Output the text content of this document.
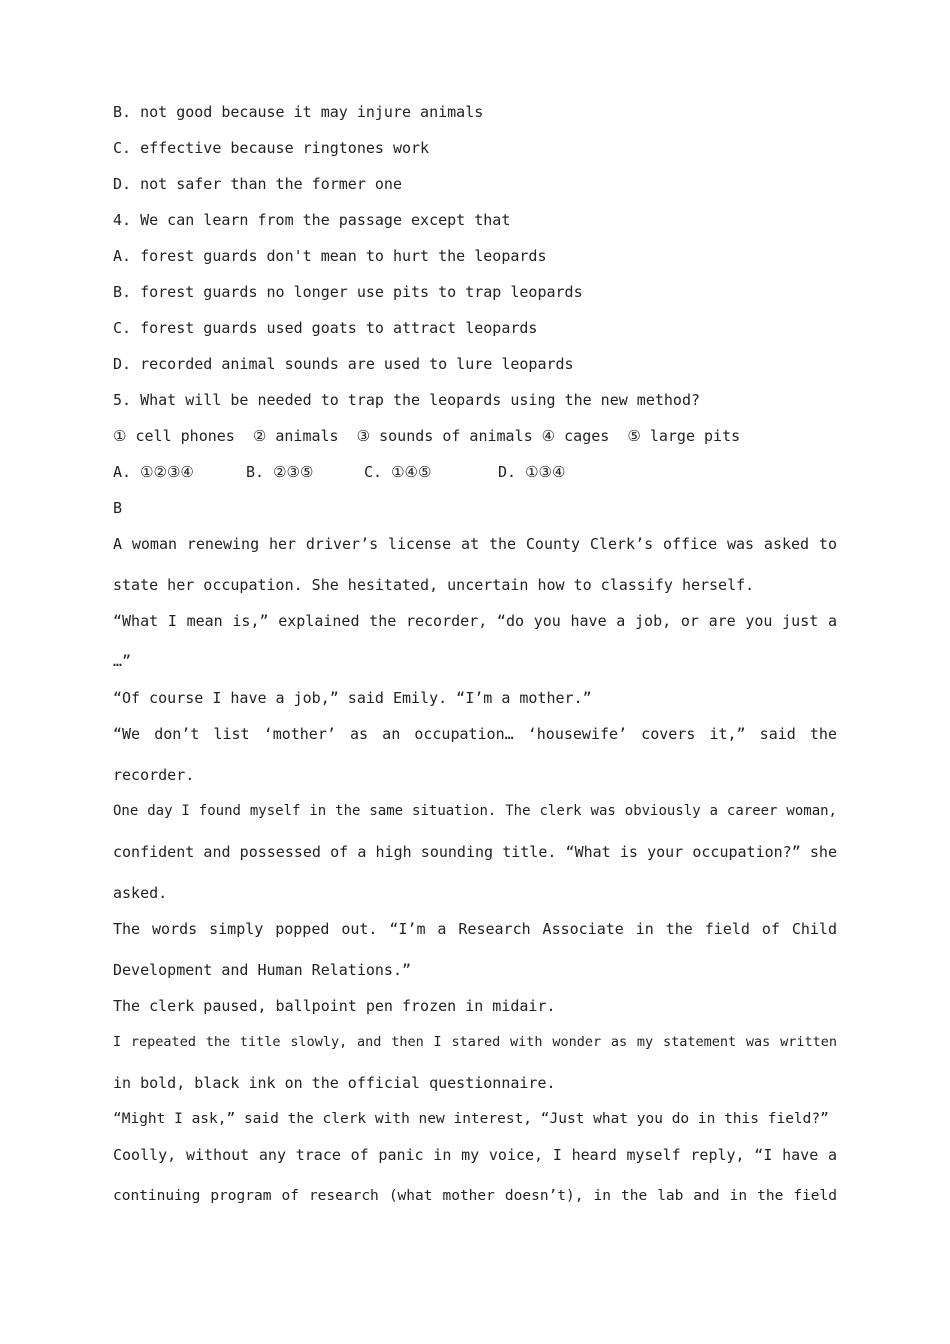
B. not good because it may injure animals
C. effective because ringtones work
D. not safer than the former one
4. We can learn from the passage except that
A. forest guards don't mean to hurt the leopards
B. forest guards no longer use pits to trap leopards
C. forest guards used goats to attract leopards
D. recorded animal sounds are used to lure leopards
5. What will be needed to trap the leopards using the new method?
① cell phones  ② animals  ③ sounds of animals ④ cages  ⑤ large pits
A. ①②③④	B. ②③⑤	C. ①④⑤	D. ①③④
B
A woman renewing her driver’s license at the County Clerk’s office was asked to
state her occupation. She hesitated, uncertain how to classify herself.
“What I mean is,” explained the recorder, “do you have a job, or are you just a
…”
“Of course I have a job,” said Emily. “I’m a mother.”
“We don’t list ‘mother’ as an occupation… ‘housewife’ covers it,” said the
recorder.
One day I found myself in the same situation. The clerk was obviously a career woman,
confident and possessed of a high sounding title. “What is your occupation?” she
asked.
The words simply popped out. “I’m a Research Associate in the field of Child
Development and Human Relations.”
The clerk paused, ballpoint pen frozen in midair.
I repeated the title slowly, and then I stared with wonder as my statement was written
in bold, black ink on the official questionnaire.
“Might I ask,” said the clerk with new interest, “Just what you do in this field?”
Coolly, without any trace of panic in my voice, I heard myself reply, “I have a
continuing program of research (what mother doesn’t), in the lab and in the field
